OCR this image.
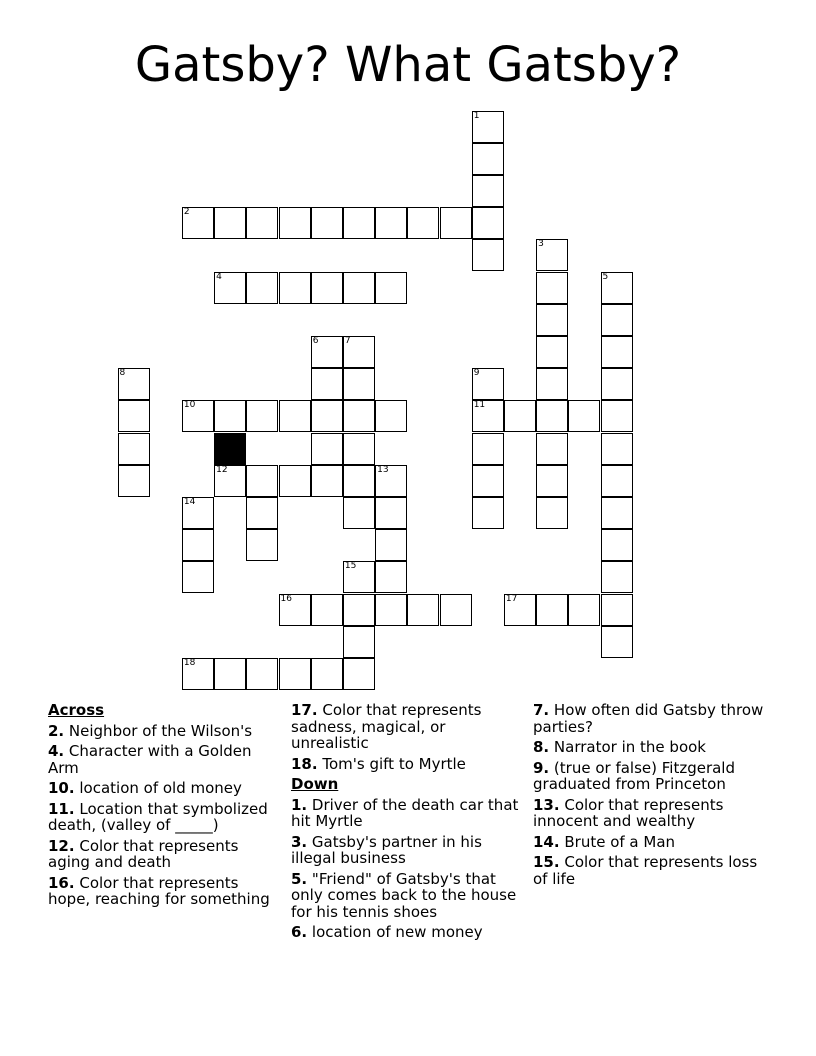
Gatsby? What Gatsby?
1
2
3
4	5
6	7
8	9
10	11
12	13
14
15
16	17
18
Across
2. Neighbor of the Wilson's
4. Character with a Golden Arm
10. location of old money
11. Location that symbolized death, (valley of _____)
12. Color that represents aging and death
16. Color that represents hope, reaching for something
17. Color that represents sadness, magical, or unrealistic
18. Tom's gift to Myrtle
Down
1. Driver of the death car that hit Myrtle
3. Gatsby's partner in his illegal business
5. "Friend" of Gatsby's that only comes back to the house for his tennis shoes
6. location of new money
7. How often did Gatsby throw parties?
8. Narrator in the book
9. (true or false) Fitzgerald graduated from Princeton
13. Color that represents innocent and wealthy
14. Brute of a Man
15. Color that represents loss of life
